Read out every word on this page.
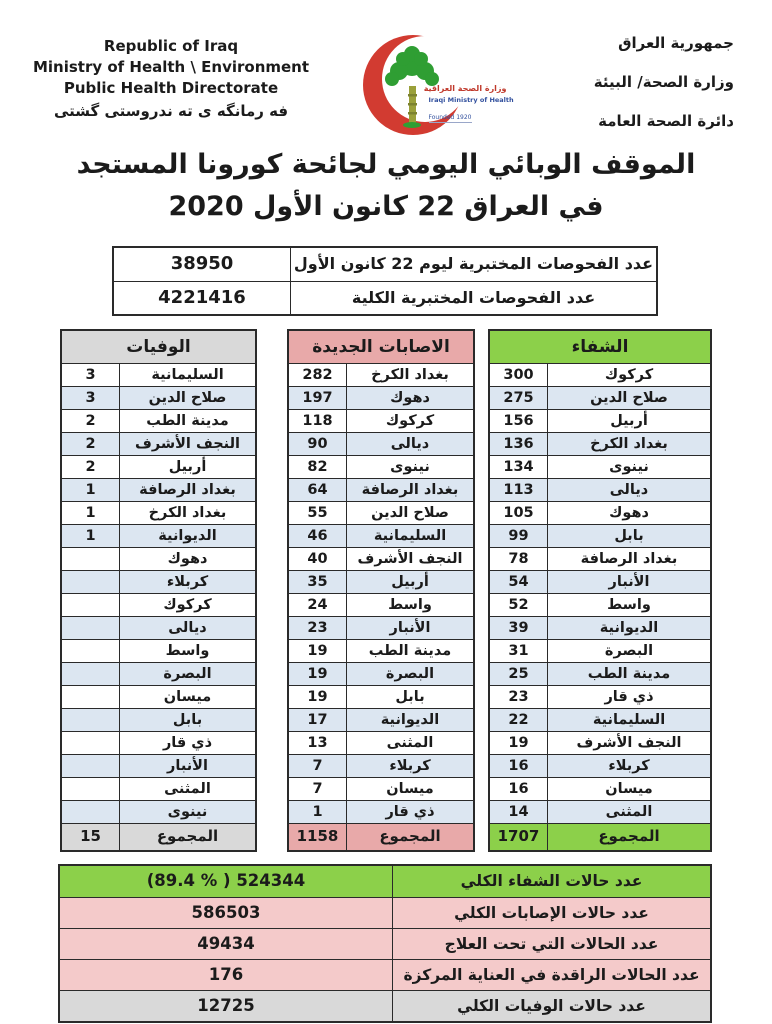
Republic of Iraq
Ministry of Health \ Environment
Public Health Directorate
فه رمانگه ى ته ندروستى گشتى
وزارة الصحة العراقية
Iraqi Ministry of Health
Founded 1920
جمهورية العراق
وزارة الصحة/ البيئة
دائرة الصحة العامة
الموقف الوبائي اليومي لجائحة كورونا المستجد
في العراق 22 كانون الأول 2020
عدد الفحوصات المختبرية ليوم 22 كانون الأول
38950
عدد الفحوصات المختبرية الكلية
4221416
الشفاء
كركوك
300
صلاح الدين
275
أربيل
156
بغداد الكرخ
136
نينوى
134
ديالى
113
دهوك
105
بابل
99
بغداد الرصافة
78
الأنبار
54
واسط
52
الديوانية
39
البصرة
31
مدينة الطب
25
ذي قار
23
السليمانية
22
النجف الأشرف
19
كربلاء
16
ميسان
16
المثنى
14
المجموع
1707
الاصابات الجديدة
بغداد الكرخ
282
دهوك
197
كركوك
118
ديالى
90
نينوى
82
بغداد الرصافة
64
صلاح الدين
55
السليمانية
46
النجف الأشرف
40
أربيل
35
واسط
24
الأنبار
23
مدينة الطب
19
البصرة
19
بابل
19
الديوانية
17
المثنى
13
كربلاء
7
ميسان
7
ذي قار
1
المجموع
1158
الوفيات
السليمانية
3
صلاح الدين
3
مدينة الطب
2
النجف الأشرف
2
أربيل
2
بغداد الرصافة
1
بغداد الكرخ
1
الديوانية
1
دهوك
كربلاء
كركوك
ديالى
واسط
البصرة
ميسان
بابل
ذي قار
الأنبار
المثنى
نينوى
المجموع
15
عدد حالات الشفاء الكلي
(89.4 % ) 524344
عدد حالات الإصابات الكلي
586503
عدد الحالات التي تحت العلاج
49434
عدد الحالات الراقدة في العناية المركزة
176
عدد حالات الوفيات الكلي
12725
